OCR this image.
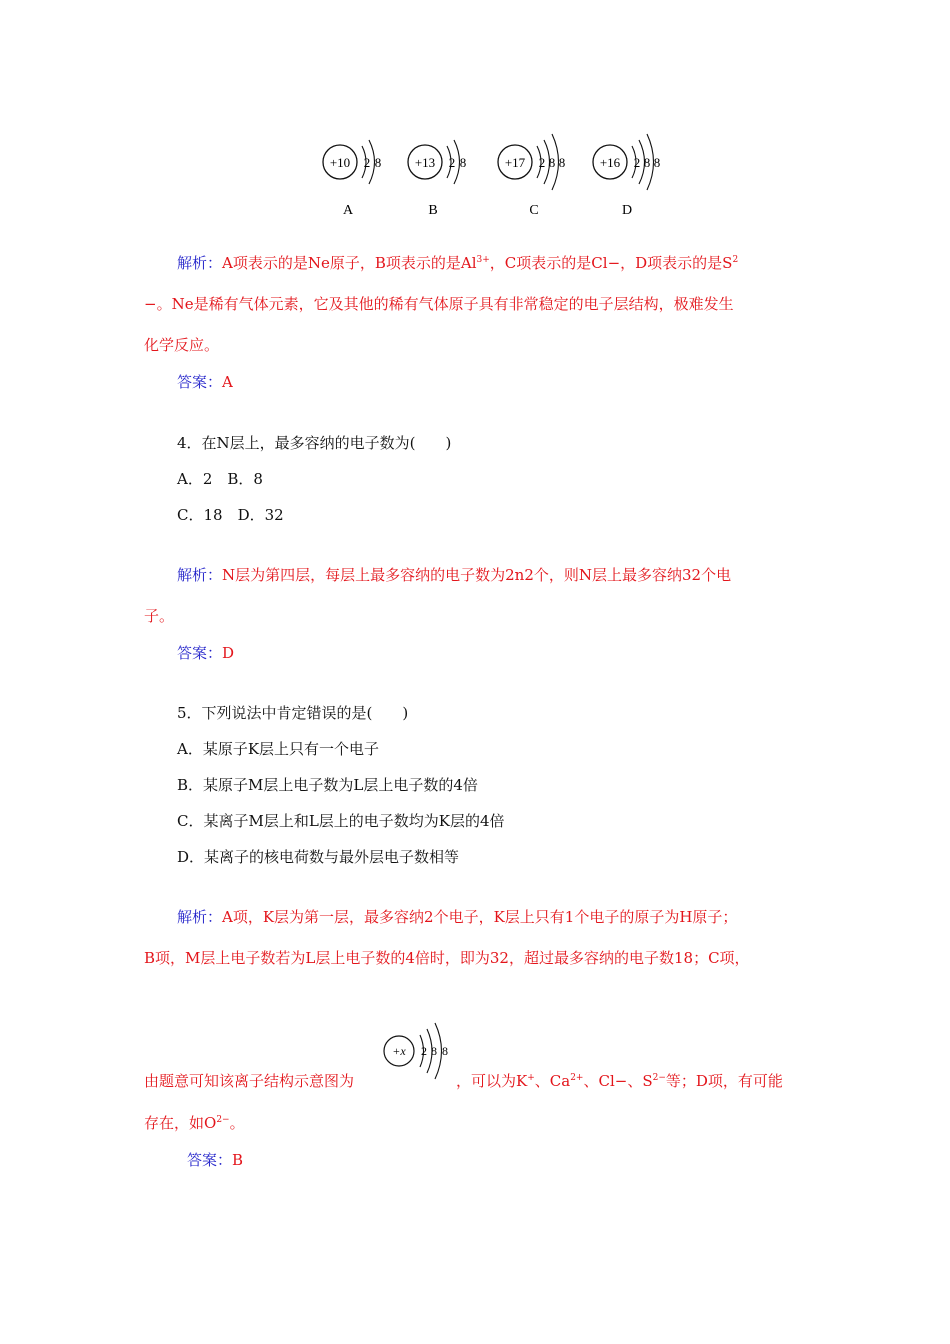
+10 2 8
A
+13 2 8
B
+17 2 8 8
C
+16 2 8 8
D
解析：A项表示的是Ne原子，B项表示的是$Al^{3+}$，C项表示的是Cl−，D项表示的是$S^2$
−。Ne是稀有气体元素，它及其他的稀有气体原子具有非常稳定的电子层结构，极难发生
化学反应。
答案：A
4．在N层上，最多容纳的电子数为(　　)
A．2　B．8
C．18　D．32
解析：N层为第四层，每层上最多容纳的电子数为2n2个，则N层上最多容纳32个电
子。
答案：D
5．下列说法中肯定错误的是(　　)
A．某原子K层上只有一个电子
B．某原子M层上电子数为L层上电子数的4倍
C．某离子M层上和L层上的电子数均为K层的4倍
D．某离子的核电荷数与最外层电子数相等
解析：A项，K层为第一层，最多容纳2个电子，K层上只有1个电子的原子为H原子；
B项，M层上电子数若为L层上电子数的4倍时，即为32，超过最多容纳的电子数18；C项，
+x 2 8 8
由题意可知该离子结构示意图为	，可以为K+、$Ca^{2+}$、Cl−、$S^{2-}$等；D项，有可能
存在，如$O^{2-}$。
答案：B
